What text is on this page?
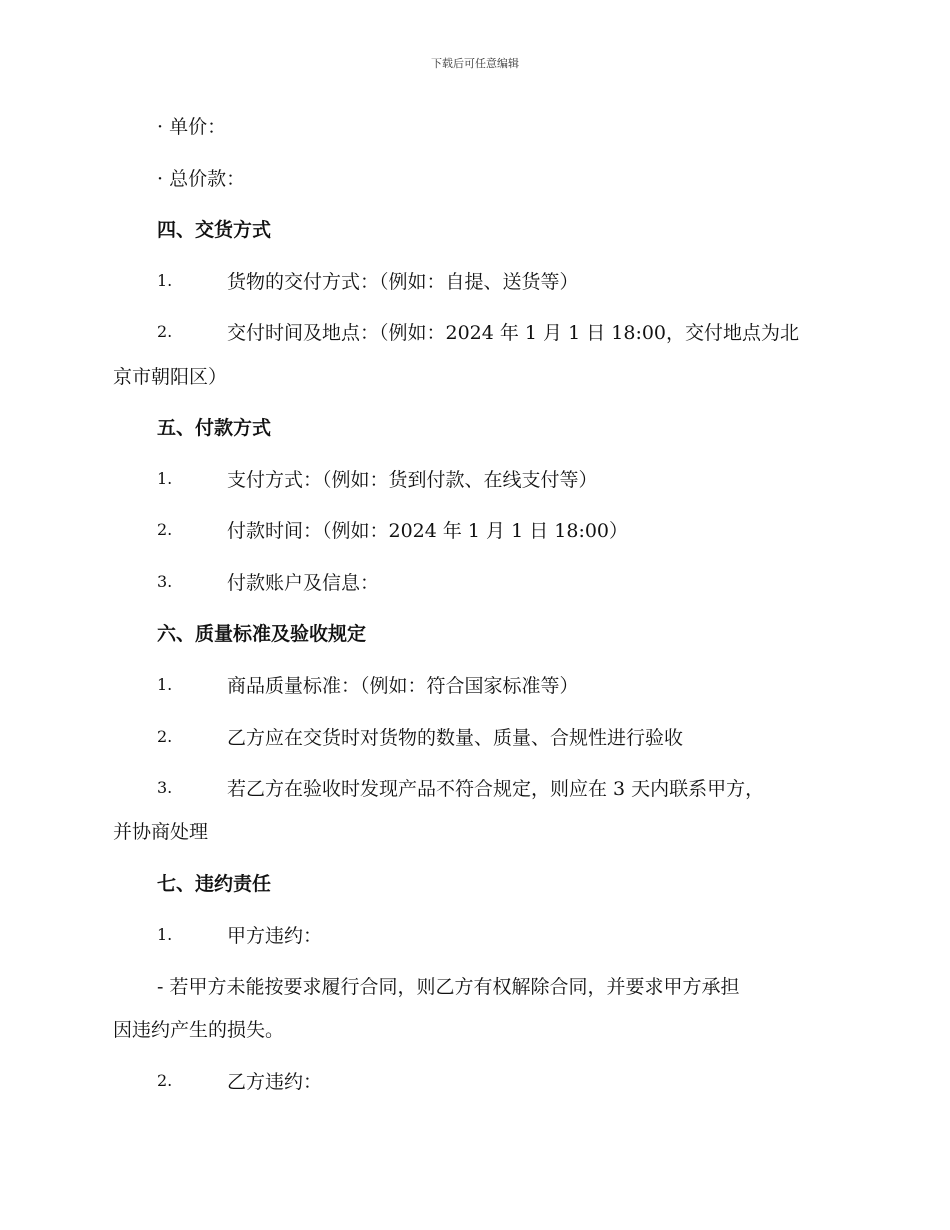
下载后可任意编辑
· 单价：
· 总价款：
四、交货方式
1.	货物的交付方式：（例如：自提、送货等）
2.	交付时间及地点：（例如：2024 年 1 月 1 日 18:00，交付地点为北
京市朝阳区）
五、付款方式
1.	支付方式：（例如：货到付款、在线支付等）
2.	付款时间：（例如：2024 年 1 月 1 日 18:00）
3.	付款账户及信息：
六、质量标准及验收规定
1.	商品质量标准：（例如：符合国家标准等）
2.	乙方应在交货时对货物的数量、质量、合规性进行验收
3.	若乙方在验收时发现产品不符合规定，则应在 3 天内联系甲方，
并协商处理
七、违约责任
1.	甲方违约：
- 若甲方未能按要求履行合同，则乙方有权解除合同，并要求甲方承担
因违约产生的损失。
2.	乙方违约：
